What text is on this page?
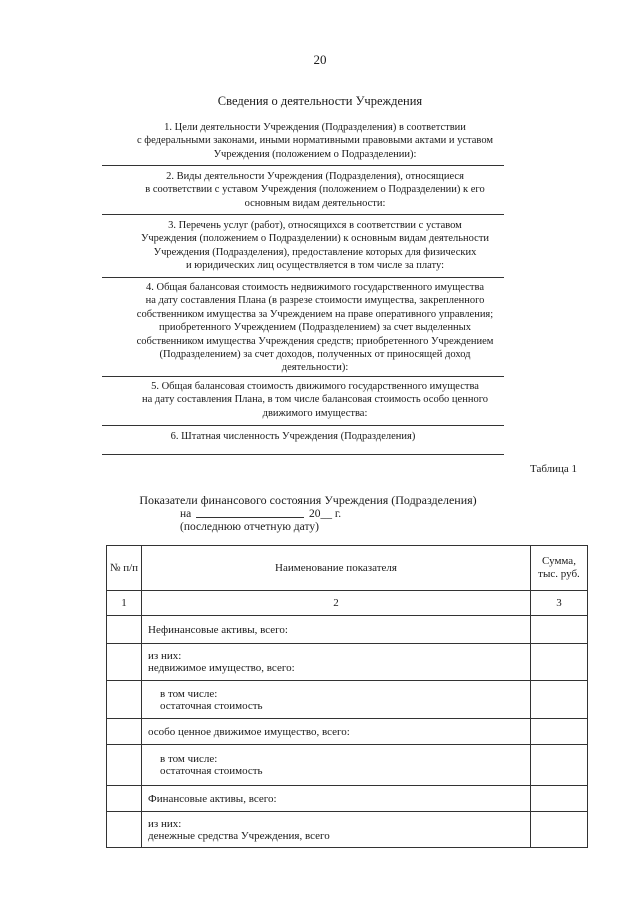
20
Сведения о деятельности Учреждения
1. Цели деятельности Учреждения (Подразделения) в соответствии
с федеральными законами, иными нормативными правовыми актами и уставом
Учреждения (положением о Подразделении):
2. Виды деятельности Учреждения (Подразделения), относящиеся
в соответствии с уставом Учреждения (положением о Подразделении) к его
основным видам деятельности:
3. Перечень услуг (работ), относящихся в соответствии с уставом
Учреждения (положением о Подразделении) к основным видам деятельности
Учреждения (Подразделения), предоставление которых для физических
и юридических лиц осуществляется в том числе за плату:
4. Общая балансовая стоимость недвижимого государственного имущества
на дату составления Плана (в разрезе стоимости имущества, закрепленного
собственником имущества за Учреждением на праве оперативного управления;
приобретенного Учреждением (Подразделением) за счет выделенных
собственником имущества Учреждения средств; приобретенного Учреждением
(Подразделением) за счет доходов, полученных от приносящей доход
деятельности):
5. Общая балансовая стоимость движимого государственного имущества
на дату составления Плана, в том числе балансовая стоимость особо ценного
движимого имущества:
6. Штатная численность Учреждения (Подразделения)
Таблица 1
Показатели финансового состояния Учреждения (Подразделения)
на	20__ г.
(последнюю отчетную дату)
№ п/п	Наименование показателя	Сумма, тыс. руб.
1	2	3

	Нефинансовые активы, всего:	

	из них:
недвижимое имущество, всего:	

	в том числе:
остаточная стоимость	

	особо ценное движимое имущество, всего:	

	в том числе:
остаточная стоимость	

	Финансовые активы, всего:	

	из них:
денежные средства Учреждения, всего	
